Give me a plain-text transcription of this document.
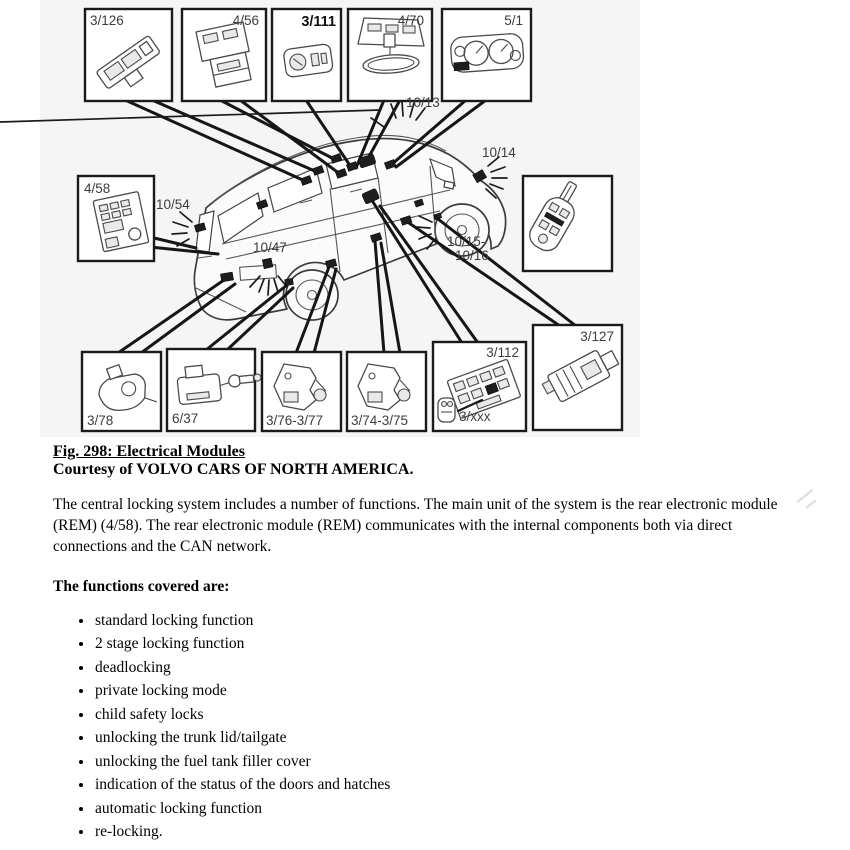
3/126	4/56	3/111	4/70	5/1
4/58
3/78	6/37	3/76-3/77 3/74-3/75
3/112
3/xxx
3/127
10/13
10/14
10/54
10/47	10/15-
10/16

Fig. 298: Electrical Modules

Courtesy of VOLVO CARS OF NORTH AMERICA.

The central locking system includes a number of functions. The main unit of the system is the rear electronic module (REM) (4/58). The rear electronic module (REM) communicates with the internal components both via direct connections and the CAN network.

The functions covered are:

• standard locking function
• 2 stage locking function
• deadlocking
• private locking mode
• child safety locks
• unlocking the trunk lid/tailgate
• unlocking the fuel tank filler cover
• indication of the status of the doors and hatches
• automatic locking function
• re-locking.
